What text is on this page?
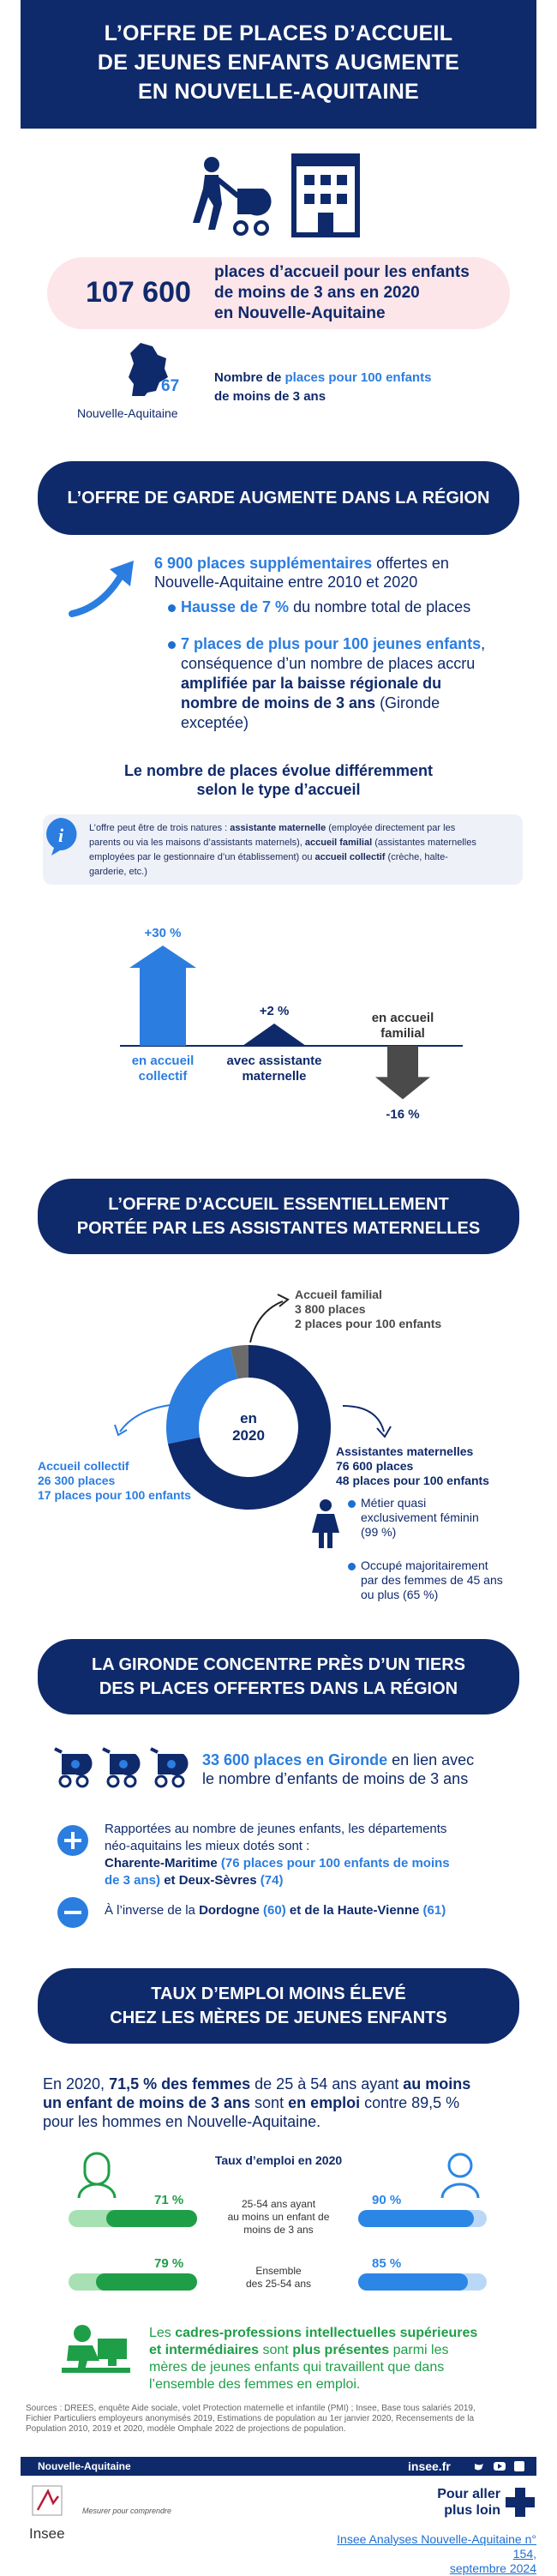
L’OFFRE DE PLACES D’ACCUEIL
DE JEUNES ENFANTS AUGMENTE
EN NOUVELLE-AQUITAINE
107 600
places d’accueil pour les enfants
de moins de 3 ans en 2020
en Nouvelle-Aquitaine
67
Nouvelle-Aquitaine
Nombre de places pour 100 enfants
de moins de 3 ans
L’OFFRE DE GARDE AUGMENTE DANS LA RÉGION
6 900 places supplémentaires offertes en
Nouvelle-Aquitaine entre 2010 et 2020
Hausse de 7 % du nombre total de places
7 places de plus pour 100 jeunes enfants,
conséquence d’un nombre de places accru
amplifiée par la baisse régionale du
nombre de moins de 3 ans (Gironde
exceptée)
Le nombre de places évolue différemment
selon le type d’accueil
i	L’offre peut être de trois natures : assistante maternelle (employée directement par les
parents ou via les maisons d’assistants maternels), accueil familial (assistantes maternelles
employées par le gestionnaire d’un établissement) ou accueil collectif (crèche, halte-
garderie, etc.)
+30 %
en accueil
collectif
+2 %
avec assistante
maternelle
-16 %
en accueil
familial
L’OFFRE D’ACCUEIL ESSENTIELLEMENT
PORTÉE PAR LES ASSISTANTES MATERNELLES
en
2020
Accueil familial
3 800 places
2 places pour 100 enfants
Accueil collectif
26 300 places
17 places pour 100 enfants
Assistantes maternelles
76 600 places
48 places pour 100 enfants
Métier quasi
exclusivement féminin
(99 %)
Occupé majoritairement
par des femmes de 45 ans
ou plus (65 %)
LA GIRONDE CONCENTRE PRÈS D’UN TIERS
DES PLACES OFFERTES DANS LA RÉGION
33 600 places en Gironde en lien avec
le nombre d’enfants de moins de 3 ans
Rapportées au nombre de jeunes enfants, les départements
néo-aquitains les mieux dotés sont :
Charente-Maritime (76 places pour 100 enfants de moins
de 3 ans) et Deux-Sèvres (74)
À l’inverse de la Dordogne (60) et de la Haute-Vienne (61)
TAUX D’EMPLOI MOINS ÉLEVÉ
CHEZ LES MÈRES DE JEUNES ENFANTS
En 2020, 71,5 % des femmes de 25 à 54 ans ayant au moins
un enfant de moins de 3 ans sont en emploi contre 89,5 %
pour les hommes en Nouvelle-Aquitaine.
Taux d’emploi en 2020
71 %	90 %
25-54 ans ayant
au moins un enfant de
moins de 3 ans
79 %	85 %
Ensemble
des 25-54 ans
Les cadres-professions intellectuelles supérieures
et intermédiaires sont plus présentes parmi les
mères de jeunes enfants qui travaillent que dans
l’ensemble des femmes en emploi.
Sources : DREES, enquête Aide sociale, volet Protection maternelle et infantile (PMI) ; Insee, Base tous salariés 2019,
Fichier Particuliers employeurs anonymisés 2019, Estimations de population au 1er janvier 2020, Recensements de la
Population 2010, 2019 et 2020, modèle Omphale 2022 de projections de population.
Nouvelle-Aquitaine	insee.fr
Pour aller
plus loin
Insee
Mesurer pour comprendre
Insee Analyses Nouvelle-Aquitaine n° 154,
septembre 2024
